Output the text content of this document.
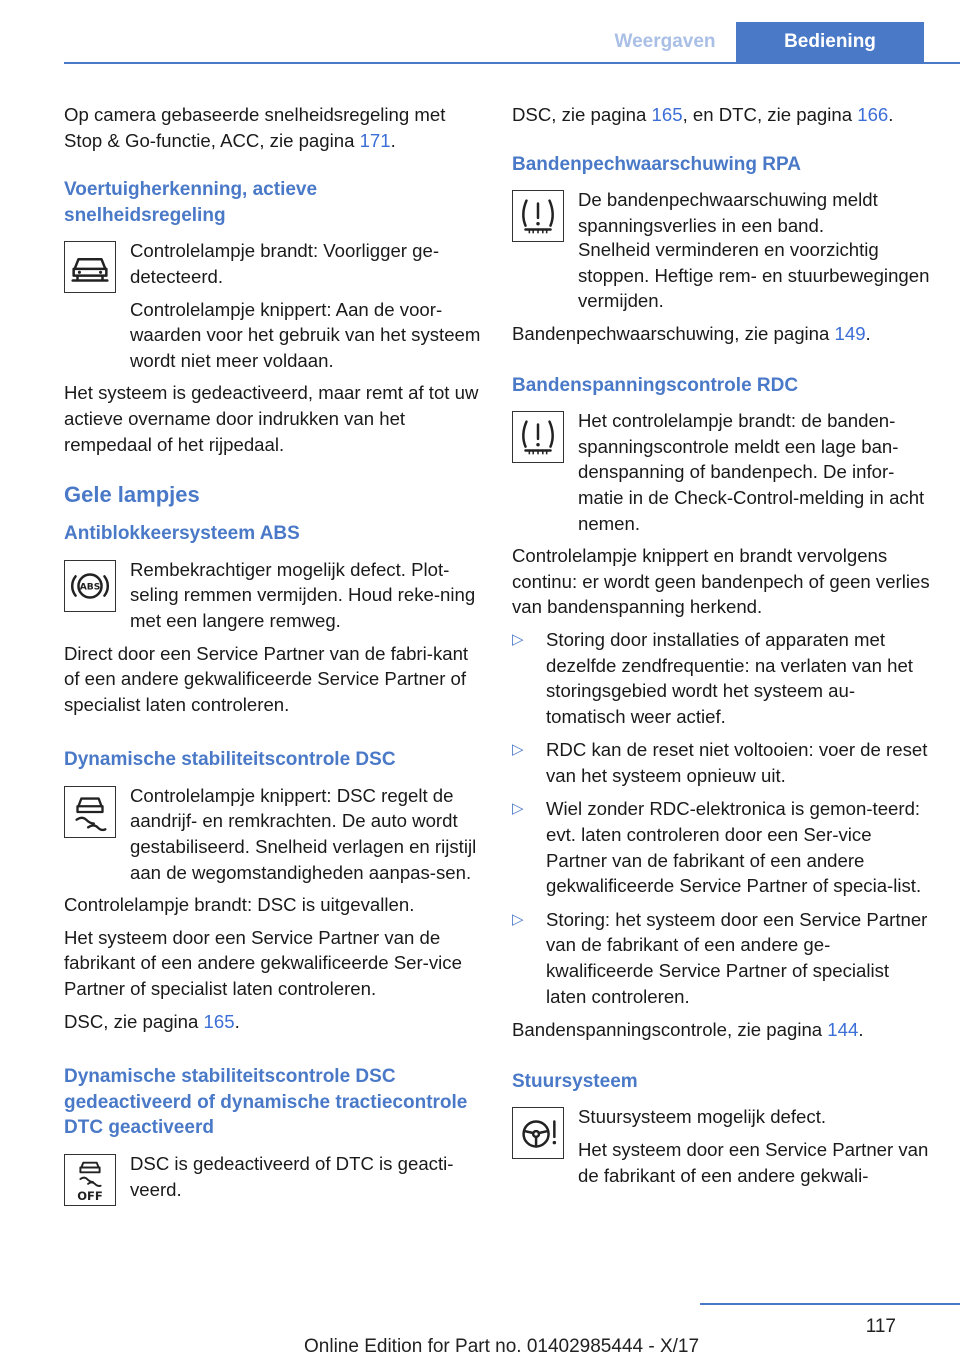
Weergaven	Bediening

Op camera gebaseerde snelheidsregeling met Stop & Go-functie, ACC, zie pagina 171.

Voertuigherkenning, actieve snelheidsregeling

Controlelampje brandt: Voorligger ge-detecteerd.

Controlelampje knippert: Aan de voor-waarden voor het gebruik van het systeem wordt niet meer voldaan.

Het systeem is gedeactiveerd, maar remt af tot uw actieve overname door indrukken van het rempedaal of het rijpedaal.

Gele lampjes
Antiblokkeersysteem ABS
ABS

Rembekrachtiger mogelijk defect. Plot-seling remmen vermijden. Houd reke-ning met een langere remweg.

Direct door een Service Partner van de fabri-kant of een andere gekwalificeerde Service Partner of specialist laten controleren.

Dynamische stabiliteitscontrole DSC

Controlelampje knippert: DSC regelt de aandrijf- en remkrachten. De auto wordt gestabiliseerd. Snelheid verlagen en rijstijl aan de wegomstandigheden aanpas-sen.

Controlelampje brandt: DSC is uitgevallen.

Het systeem door een Service Partner van de fabrikant of een andere gekwalificeerde Ser-vice Partner of specialist laten controleren.

DSC, zie pagina 165.

Dynamische stabiliteitscontrole DSC gedeactiveerd of dynamische tractiecontrole DTC geactiveerd
OFF

DSC is gedeactiveerd of DTC is geacti-veerd.

DSC, zie pagina 165, en DTC, zie pagina 166.

Bandenpechwaarschuwing RPA

De bandenpechwaarschuwing meldt spanningsverlies in een band.

Snelheid verminderen en voorzichtig stoppen. Heftige rem- en stuurbewegingen vermijden.

Bandenpechwaarschuwing, zie pagina 149.

Bandenspanningscontrole RDC

Het controlelampje brandt: de banden-spanningscontrole meldt een lage ban-denspanning of bandenpech. De infor-matie in de Check-Control-melding in acht nemen.

Controlelampje knippert en brandt vervolgens continu: er wordt geen bandenpech of geen verlies van bandenspanning herkend.

▷ Storing door installaties of apparaten met dezelfde zendfrequentie: na verlaten van het storingsgebied wordt het systeem au-tomatisch weer actief.
▷ RDC kan de reset niet voltooien: voer de reset van het systeem opnieuw uit.
▷ Wiel zonder RDC-elektronica is gemon-teerd: evt. laten controleren door een Ser-vice Partner van de fabrikant of een andere gekwalificeerde Service Partner of specia-list.
▷ Storing: het systeem door een Service Partner van de fabrikant of een andere ge-kwalificeerde Service Partner of specialist laten controleren.

Bandenspanningscontrole, zie pagina 144.

Stuursysteem

Stuursysteem mogelijk defect.

Het systeem door een Service Partner van de fabrikant of een andere gekwali-

117
Online Edition for Part no. 01402985444 - X/17
